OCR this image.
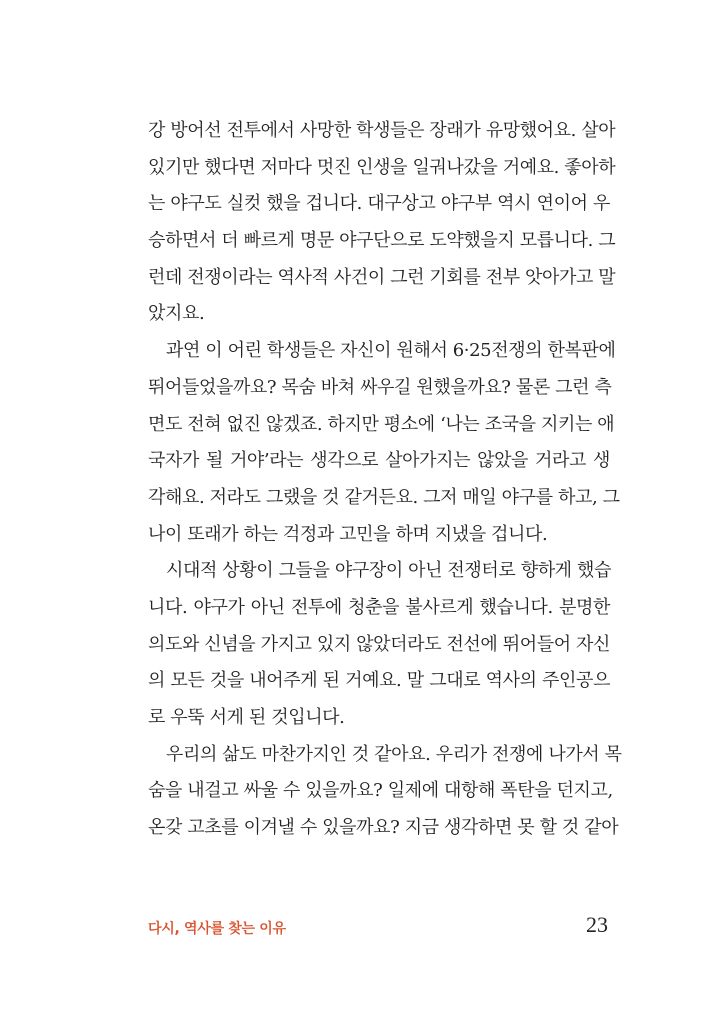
강 방어선 전투에서 사망한 학생들은 장래가 유망했어요. 살아
있기만 했다면 저마다 멋진 인생을 일궈나갔을 거예요. 좋아하
는 야구도 실컷 했을 겁니다. 대구상고 야구부 역시 연이어 우
승하면서 더 빠르게 명문 야구단으로 도약했을지 모릅니다. 그
런데 전쟁이라는 역사적 사건이 그런 기회를 전부 앗아가고 말
았지요.
과연 이 어린 학생들은 자신이 원해서 6·25전쟁의 한복판에
뛰어들었을까요? 목숨 바쳐 싸우길 원했을까요? 물론 그런 측
면도 전혀 없진 않겠죠. 하지만 평소에 ‘나는 조국을 지키는 애
국자가 될 거야’라는 생각으로 살아가지는 않았을 거라고 생
각해요. 저라도 그랬을 것 같거든요. 그저 매일 야구를 하고, 그
나이 또래가 하는 걱정과 고민을 하며 지냈을 겁니다.
시대적 상황이 그들을 야구장이 아닌 전쟁터로 향하게 했습
니다. 야구가 아닌 전투에 청춘을 불사르게 했습니다. 분명한
의도와 신념을 가지고 있지 않았더라도 전선에 뛰어들어 자신
의 모든 것을 내어주게 된 거예요. 말 그대로 역사의 주인공으
로 우뚝 서게 된 것입니다.
우리의 삶도 마찬가지인 것 같아요. 우리가 전쟁에 나가서 목
숨을 내걸고 싸울 수 있을까요? 일제에 대항해 폭탄을 던지고,
온갖 고초를 이겨낼 수 있을까요? 지금 생각하면 못 할 것 같아
다시, 역사를 찾는 이유	23
